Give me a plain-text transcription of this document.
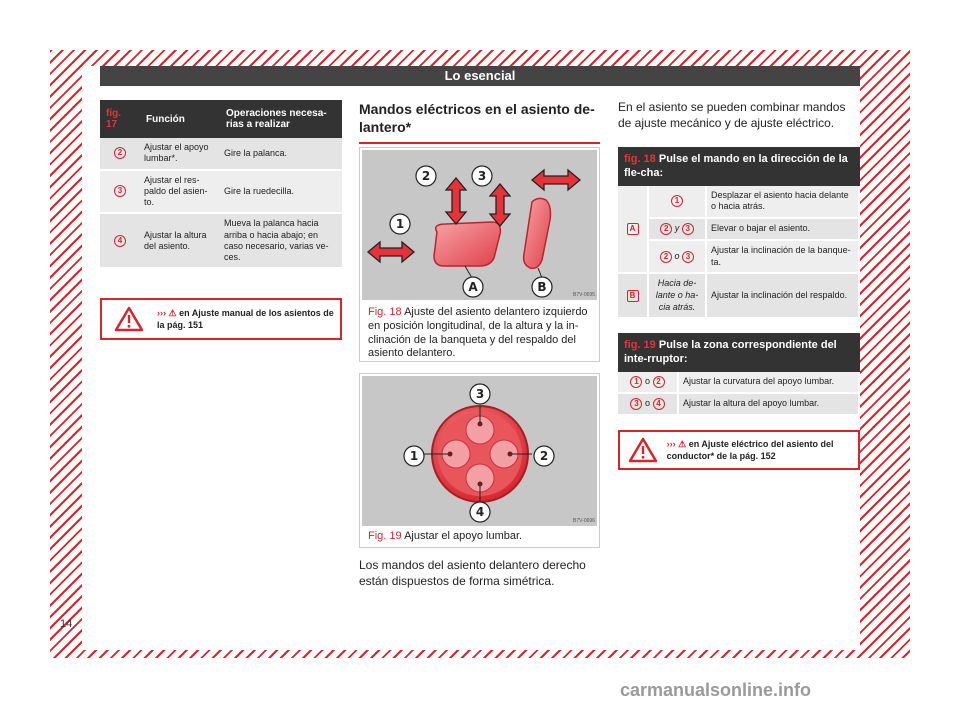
Lo esencial
fig. 17	Función	Operaciones necesa-rias a realizar
2	Ajustar el apoyo lumbar*.	Gire la palanca.
3	Ajustar el res-paldo del asien-to.	Gire la ruedecilla.
4	Ajustar la altura del asiento.	Mueva la palanca hacia arriba o hacia abajo; en caso necesario, varias ve-ces.
››› ⚠ en Ajuste manual de los asientos de la pág. 151
Mandos eléctricos en el asiento de-lantero*
1
2	3
A	B
B7V-0695
Fig. 18 Ajuste del asiento delantero izquierdo en posición longitudinal, de la altura y la in-clinación de la banqueta y del respaldo del asiento delantero.
1	2
3
4
B7V-0696
Fig. 19 Ajustar el apoyo lumbar.
Los mandos del asiento delantero derecho están dispuestos de forma simétrica.
En el asiento se pueden combinar mandos de ajuste mecánico y de ajuste eléctrico.
fig. 18 Pulse el mando en la dirección de la fle-cha:
A	1	Desplazar el asiento hacia delante o hacia atrás.
	2 y 3	Elevar o bajar el asiento.
	2 o 3	Ajustar la inclinación de la banque-ta.
B	Hacia de-lante o ha-cia atrás.	Ajustar la inclinación del respaldo.
fig. 19 Pulse la zona correspondiente del inte-rruptor:
1 o 2	Ajustar la curvatura del apoyo lumbar.
3 o 4	Ajustar la altura del apoyo lumbar.
››› ⚠ en Ajuste eléctrico del asiento del conductor* de la pág. 152
14
carmanualsonline.info
